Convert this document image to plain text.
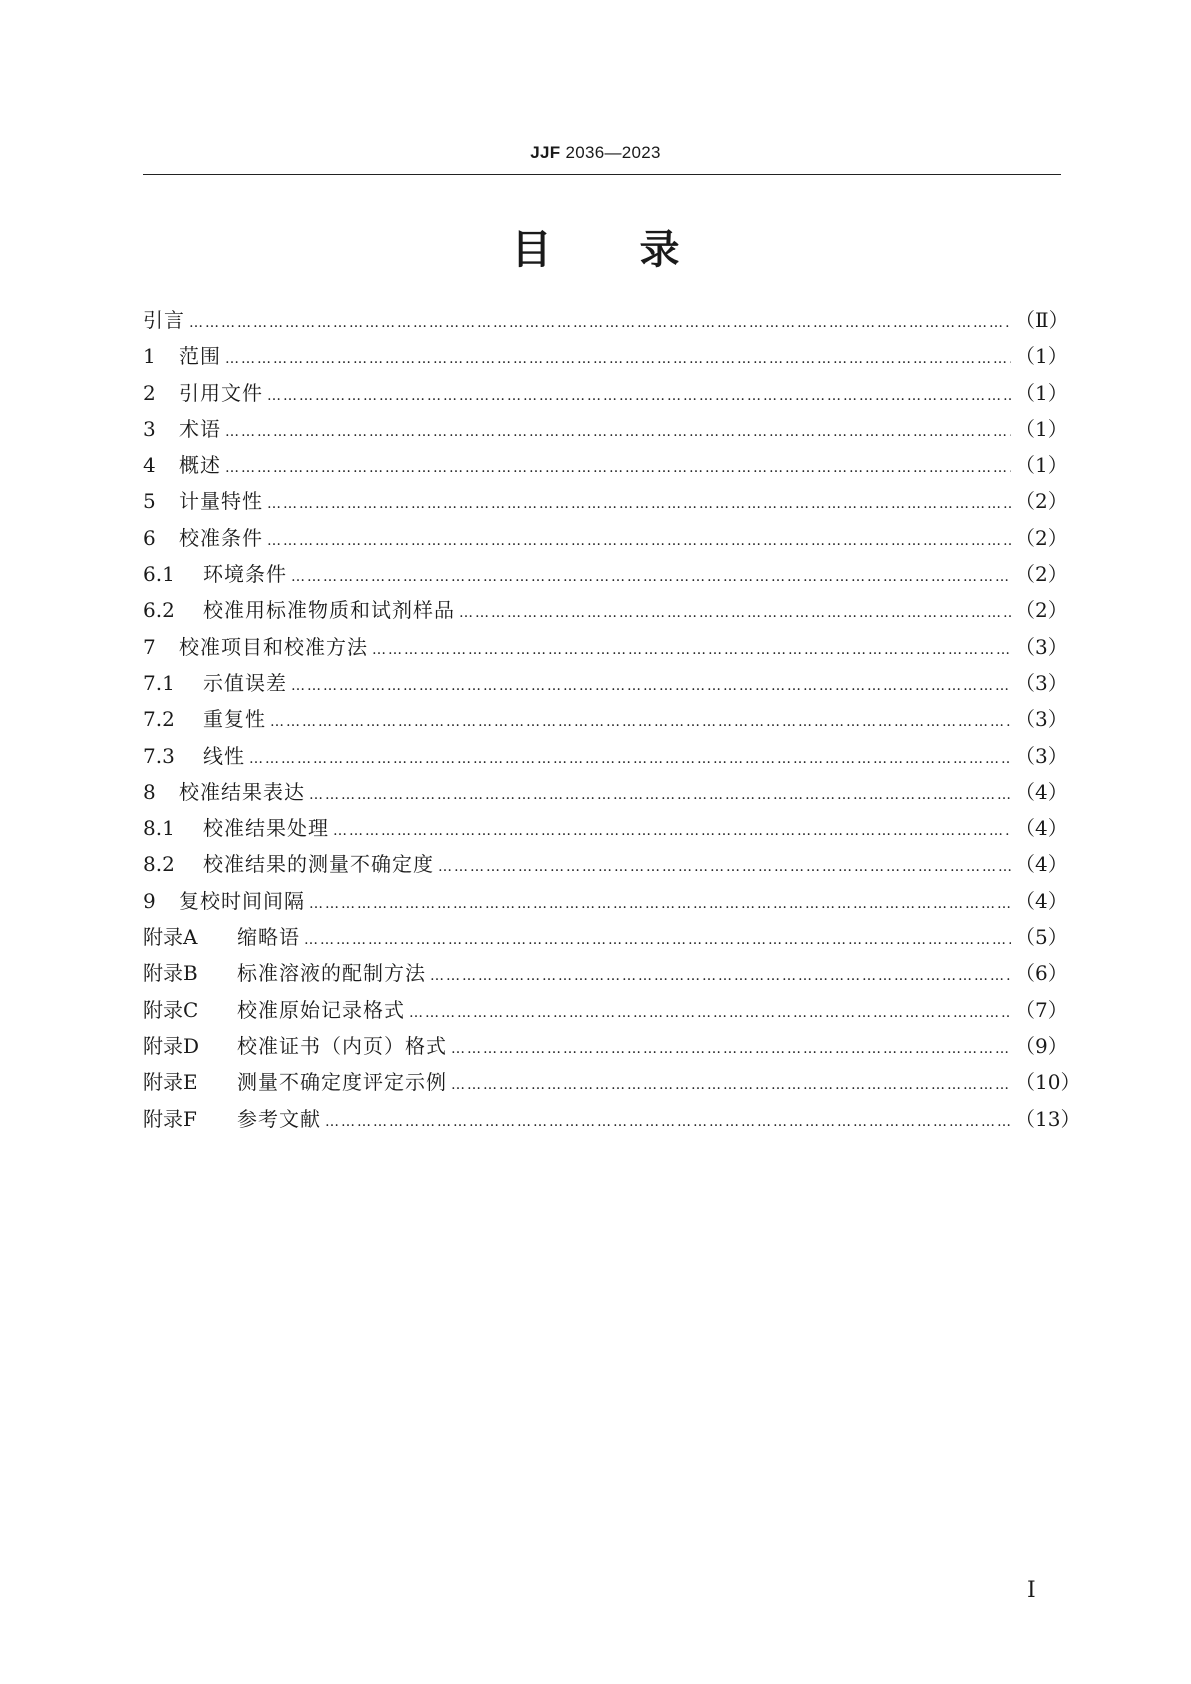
JJF 2036—2023
目 录
引言 ……………………………………………………………………………………………………………………………………………………………………………………………………	（Ⅱ）
1	范围 ……………………………………………………………………………………………………………………………………………………………………………………………………	（1）
2	引用文件 ……………………………………………………………………………………………………………………………………………………………………………………………………	（1）
3	术语 ……………………………………………………………………………………………………………………………………………………………………………………………………	（1）
4	概述 ……………………………………………………………………………………………………………………………………………………………………………………………………	（1）
5	计量特性 ……………………………………………………………………………………………………………………………………………………………………………………………………	（2）
6	校准条件 ……………………………………………………………………………………………………………………………………………………………………………………………………	（2）
6.1	环境条件 ……………………………………………………………………………………………………………………………………………………………………………………………………	（2）
6.2	校准用标准物质和试剂样品 ……………………………………………………………………………………………………………………………………………………………………………………………………	（2）
7	校准项目和校准方法 ……………………………………………………………………………………………………………………………………………………………………………………………………	（3）
7.1	示值误差 ……………………………………………………………………………………………………………………………………………………………………………………………………	（3）
7.2	重复性 ……………………………………………………………………………………………………………………………………………………………………………………………………	（3）
7.3	线性 ……………………………………………………………………………………………………………………………………………………………………………………………………	（3）
8	校准结果表达 ……………………………………………………………………………………………………………………………………………………………………………………………………	（4）
8.1	校准结果处理 ……………………………………………………………………………………………………………………………………………………………………………………………………	（4）
8.2	校准结果的测量不确定度 ……………………………………………………………………………………………………………………………………………………………………………………………………	（4）
9	复校时间间隔 ……………………………………………………………………………………………………………………………………………………………………………………………………	（4）
附录A	缩略语 ……………………………………………………………………………………………………………………………………………………………………………………………………	（5）
附录B	标准溶液的配制方法 ……………………………………………………………………………………………………………………………………………………………………………………………………	（6）
附录C	校准原始记录格式 ……………………………………………………………………………………………………………………………………………………………………………………………………	（7）
附录D	校准证书（内页）格式 ……………………………………………………………………………………………………………………………………………………………………………………………………	（9）
附录E	测量不确定度评定示例 ……………………………………………………………………………………………………………………………………………………………………………………………………	（10）
附录F	参考文献 ……………………………………………………………………………………………………………………………………………………………………………………………………	（13）
Ⅰ
